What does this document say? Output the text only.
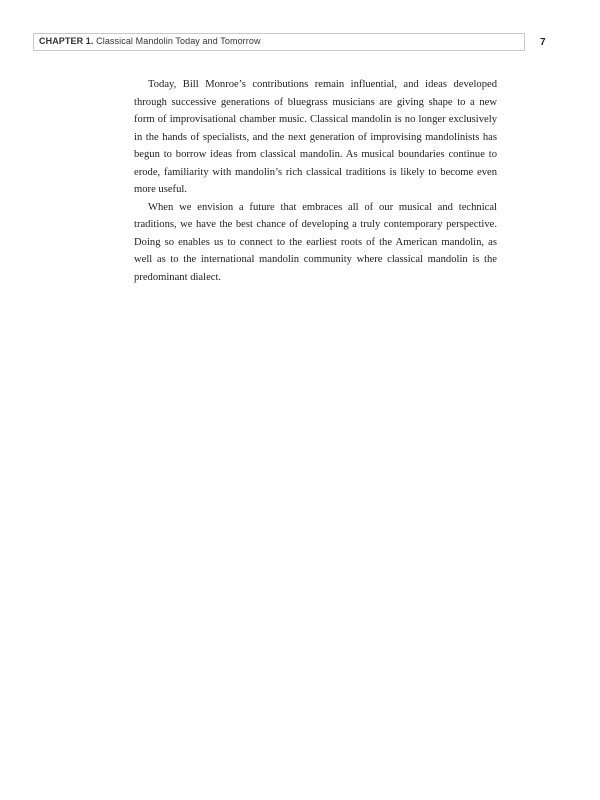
CHAPTER 1. Classical Mandolin Today and Tomorrow	7

Today, Bill Monroe’s contributions remain influential, and ideas developed through successive generations of bluegrass musicians are giving shape to a new form of improvisational chamber music. Classical mandolin is no longer exclusively in the hands of specialists, and the next generation of improvising mandolinists has begun to borrow ideas from classical mandolin. As musical boundaries continue to erode, familiarity with mandolin’s rich classical traditions is likely to become even more useful.

When we envision a future that embraces all of our musical and technical traditions, we have the best chance of developing a truly contemporary perspective. Doing so enables us to connect to the earliest roots of the American mandolin, as well as to the international mandolin community where classical mandolin is the predominant dialect.
